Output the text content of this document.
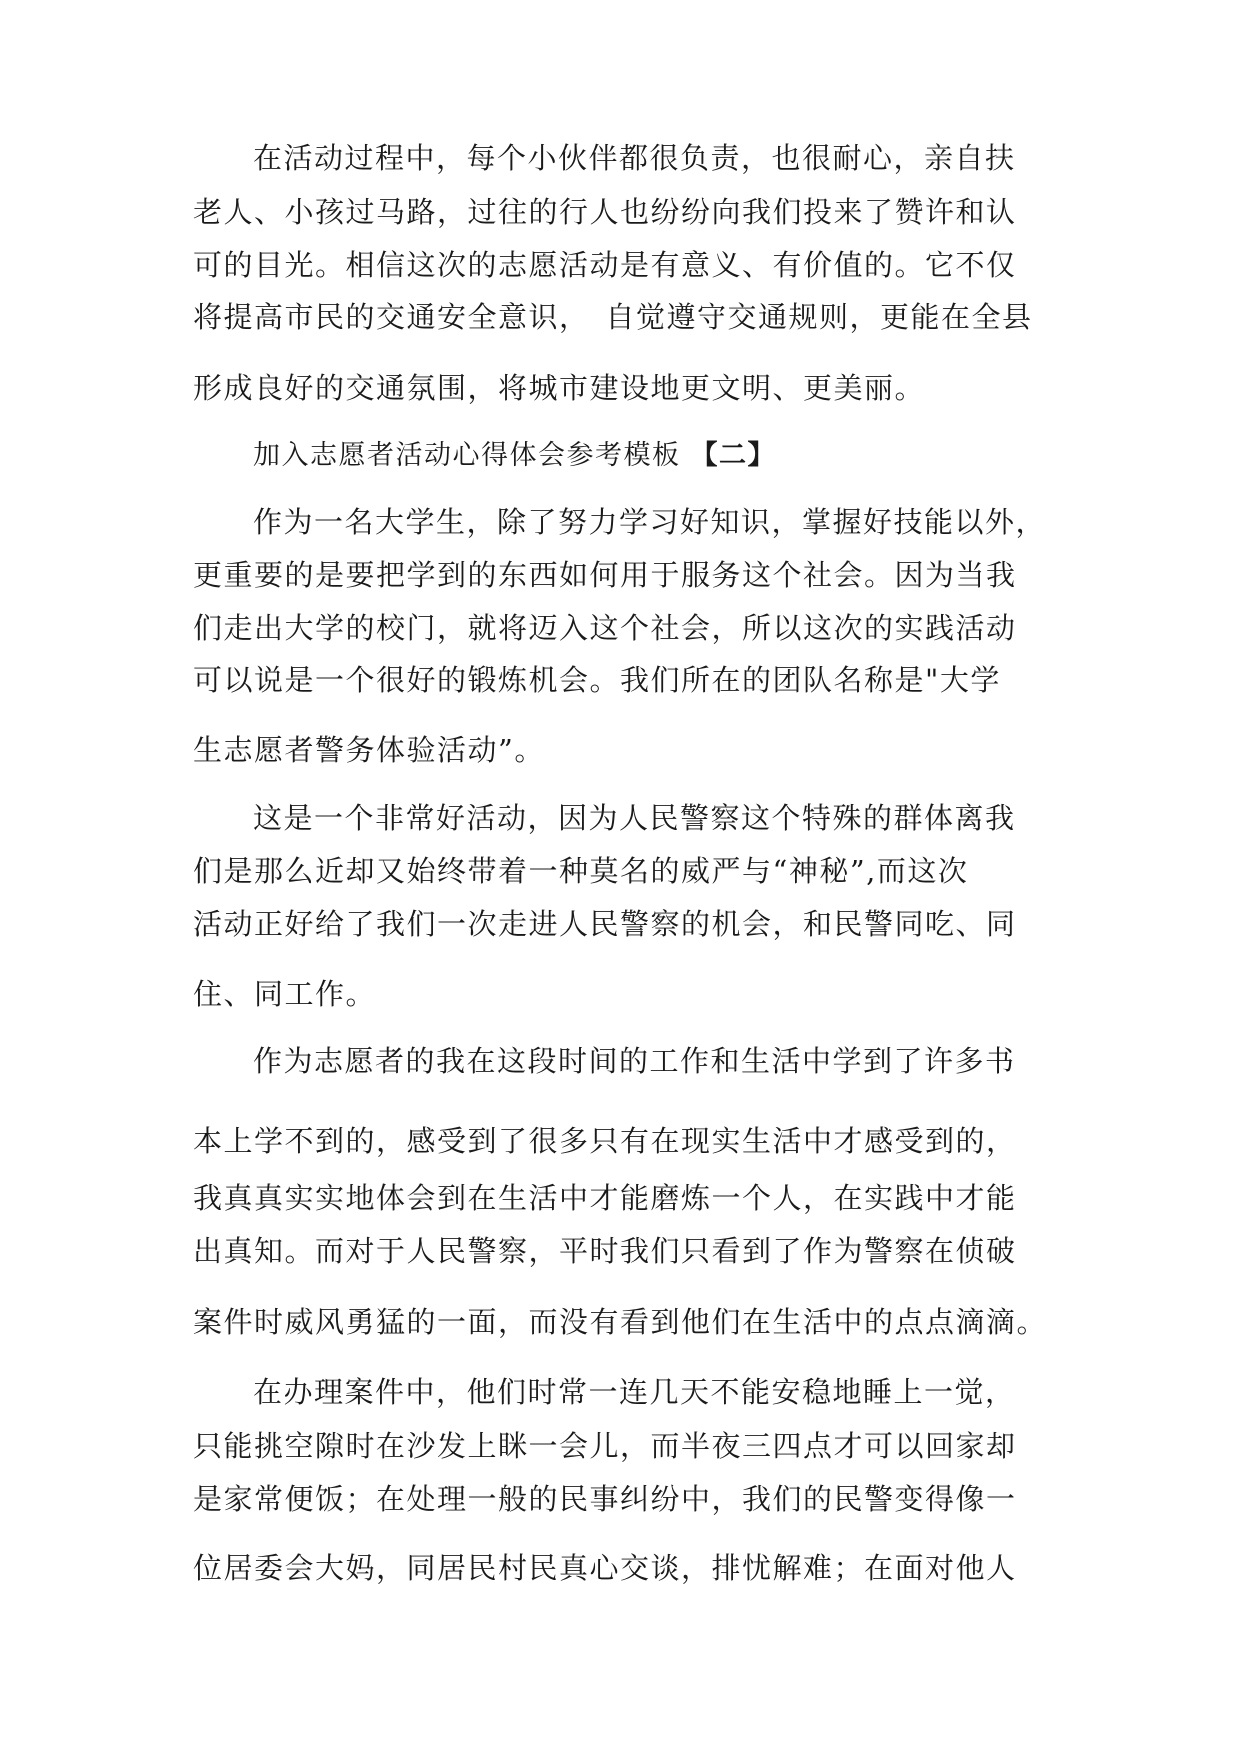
在活动过程中，每个小伙伴都很负责，也很耐心，亲自扶
老人、小孩过马路，过往的行人也纷纷向我们投来了赞许和认
可的目光。相信这次的志愿活动是有意义、有价值的。它不仅
将提高市民的交通安全意识，　自觉遵守交通规则，更能在全县
形成良好的交通氛围，将城市建设地更文明、更美丽。
加入志愿者活动心得体会参考模板 【二】
作为一名大学生，除了努力学习好知识，掌握好技能以外，
更重要的是要把学到的东西如何用于服务这个社会。因为当我
们走出大学的校门，就将迈入这个社会，所以这次的实践活动
可以说是一个很好的锻炼机会。我们所在的团队名称是"大学
生志愿者警务体验活动”。
这是一个非常好活动，因为人民警察这个特殊的群体离我
们是那么近却又始终带着一种莫名的威严与“神秘”,而这次
活动正好给了我们一次走进人民警察的机会，和民警同吃、同
住、同工作。
作为志愿者的我在这段时间的工作和生活中学到了许多书
本上学不到的，感受到了很多只有在现实生活中才感受到的，
我真真实实地体会到在生活中才能磨炼一个人，在实践中才能
出真知。而对于人民警察，平时我们只看到了作为警察在侦破
案件时威风勇猛的一面，而没有看到他们在生活中的点点滴滴。
在办理案件中，他们时常一连几天不能安稳地睡上一觉，
只能挑空隙时在沙发上眯一会儿，而半夜三四点才可以回家却
是家常便饭；在处理一般的民事纠纷中，我们的民警变得像一
位居委会大妈，同居民村民真心交谈，排忧解难；在面对他人
